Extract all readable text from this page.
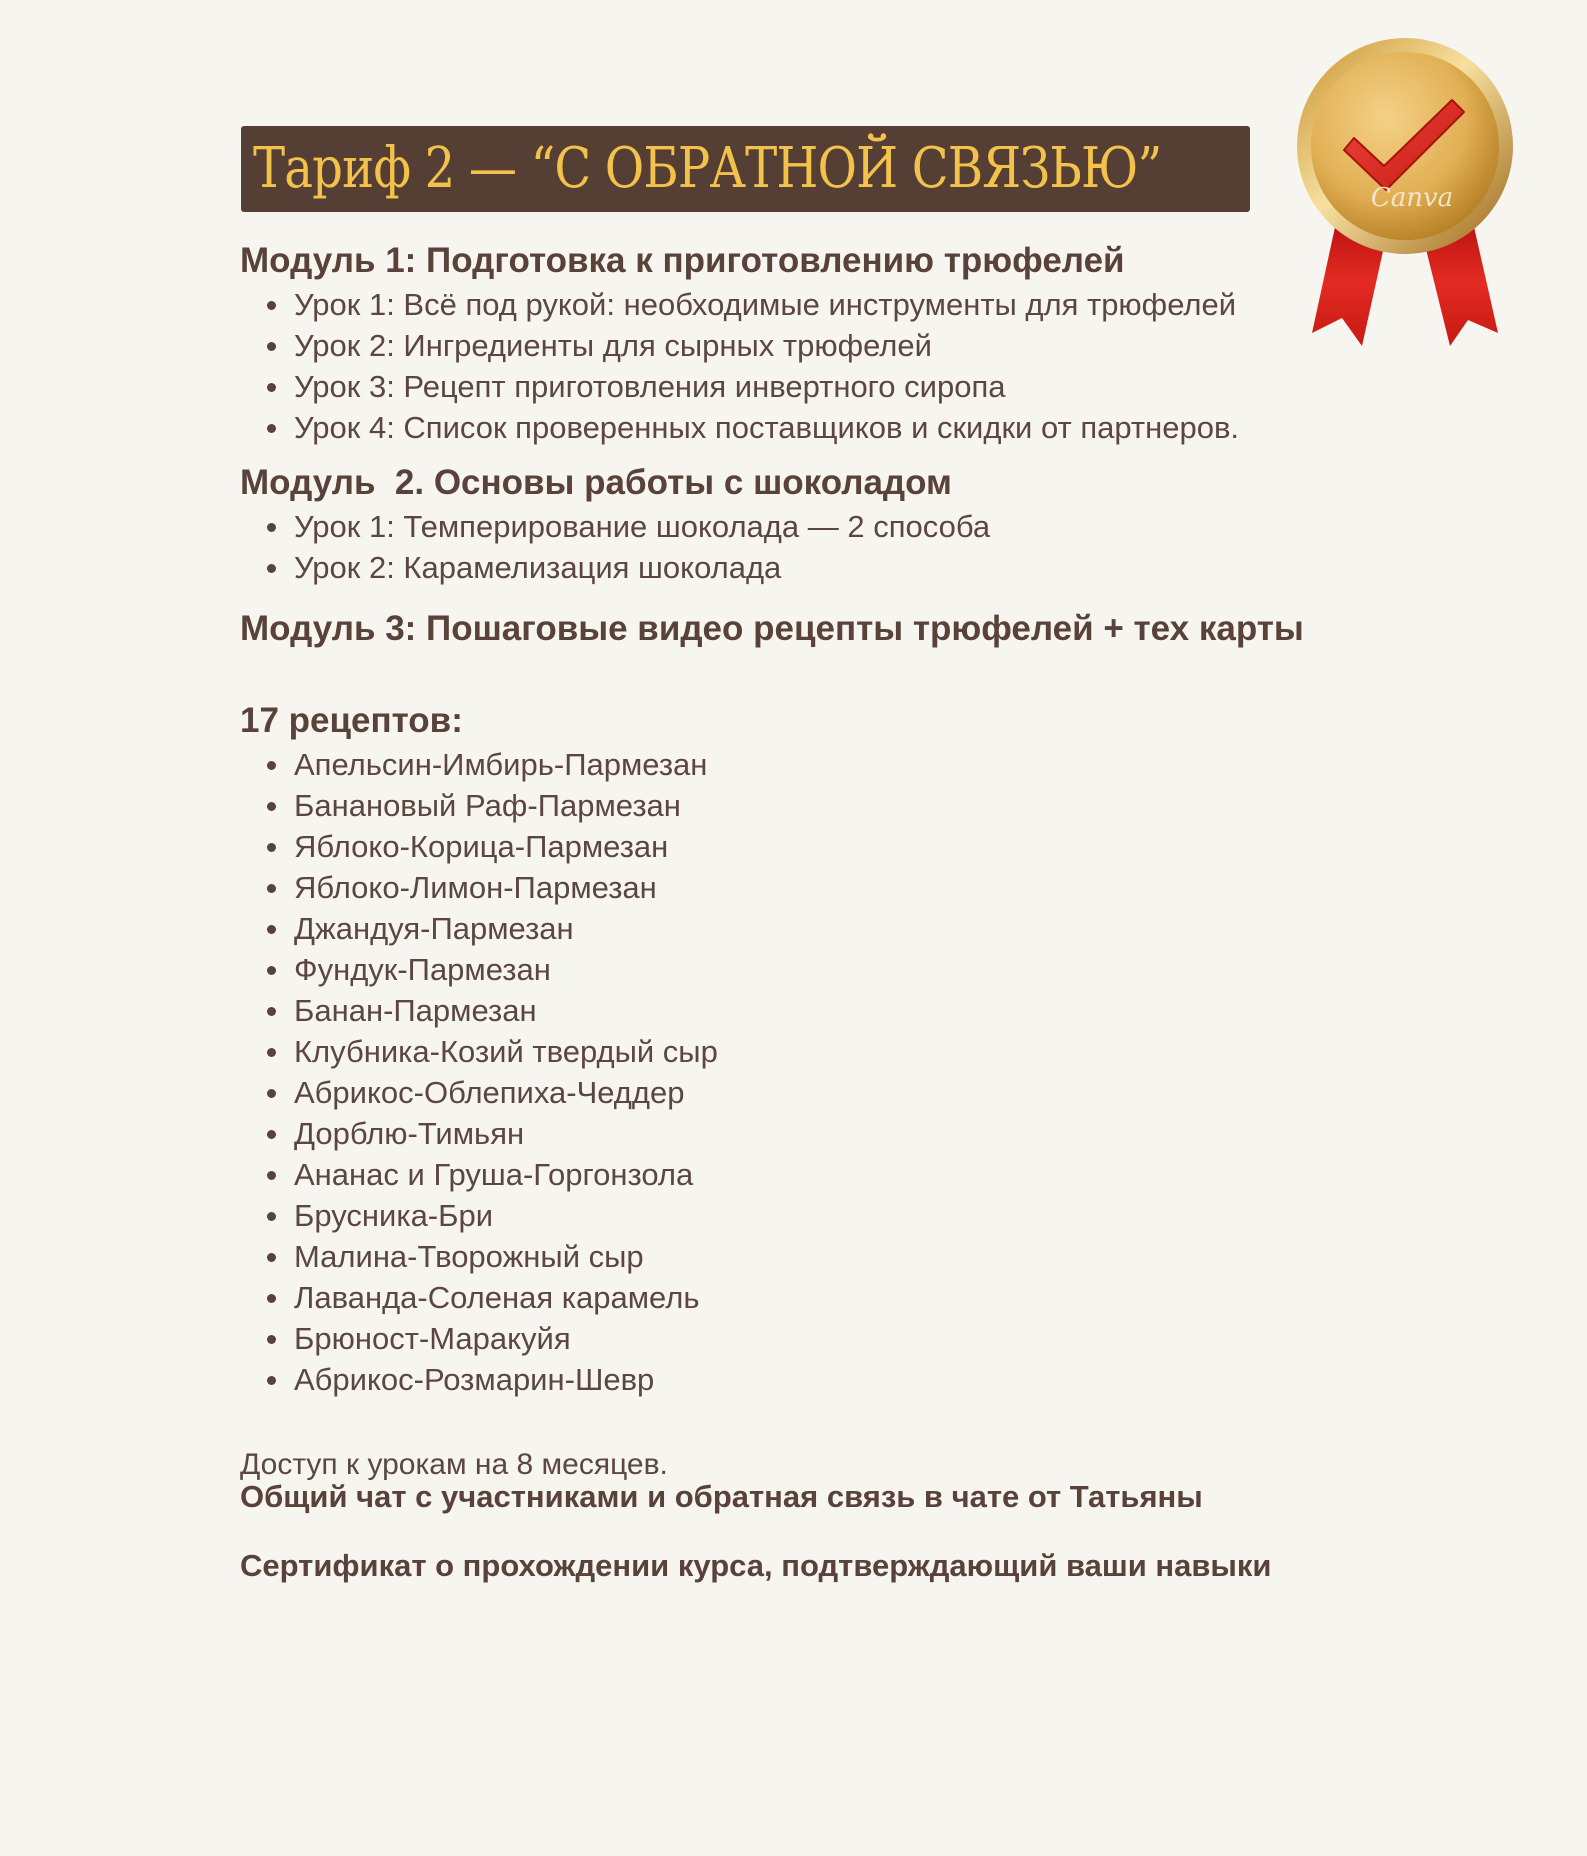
Тариф 2 — “С ОБРАТНОЙ СВЯЗЬЮ”	Canva
Модуль 1: Подготовка к приготовлению трюфелей
Урок 1: Всё под рукой: необходимые инструменты для трюфелей
Урок 2: Ингредиенты для сырных трюфелей
Урок 3: Рецепт приготовления инвертного сиропа
Урок 4: Список проверенных поставщиков и скидки от партнеров.
Модуль  2. Основы работы с шоколадом
Урок 1: Темперирование шоколада — 2 способа
Урок 2: Карамелизация шоколада
Модуль 3: Пошаговые видео рецепты трюфелей + тех карты
17 рецептов:
Апельсин-Имбирь-Пармезан
Банановый Раф-Пармезан
Яблоко-Корица-Пармезан
Яблоко-Лимон-Пармезан
Джандуя-Пармезан
Фундук-Пармезан
Банан-Пармезан
Клубника-Козий твердый сыр
Абрикос-Облепиха-Чеддер
Дорблю-Тимьян
Ананас и Груша-Горгонзола
Брусника-Бри
Малина-Творожный сыр
Лаванда-Соленая карамель
Брюност-Маракуйя
Абрикос-Розмарин-Шевр
Доступ к урокам на 8 месяцев.
Общий чат с участниками и обратная связь в чате от Татьяны
Сертификат о прохождении курса, подтверждающий ваши навыки
